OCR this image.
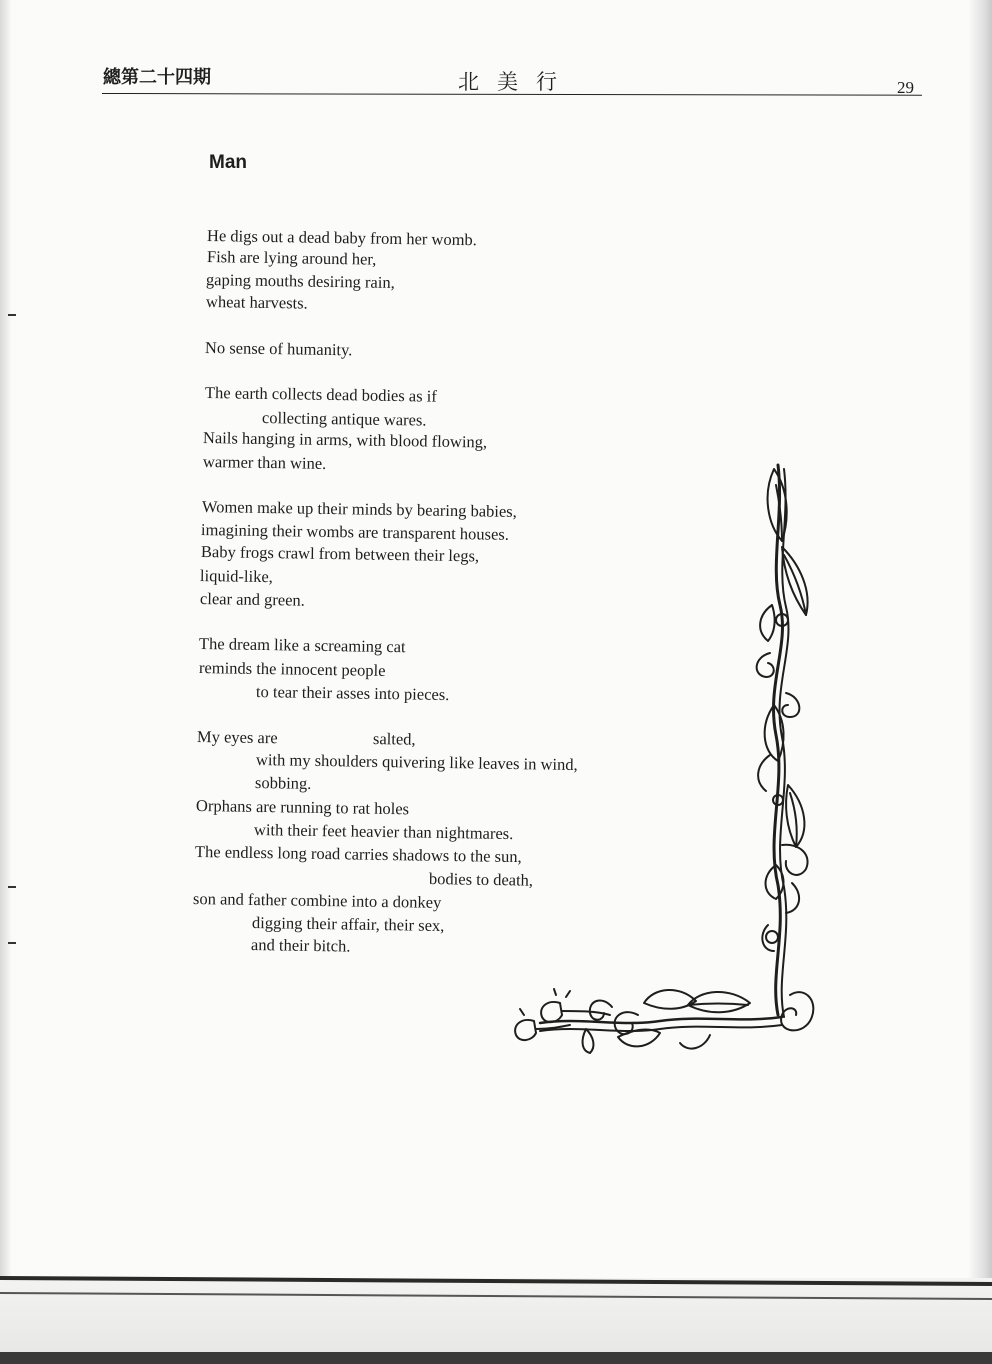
總第二十四期	北美行	29
Man
He digs out a dead baby from her womb.
Fish are lying around her,
gaping mouths desiring rain,
wheat harvests.
No sense of humanity.
The earth collects dead bodies as if
collecting antique wares.
Nails hanging in arms, with blood flowing,
warmer than wine.
Women make up their minds by bearing babies,
imagining their wombs are transparent houses.
Baby frogs crawl from between their legs,
liquid-like,
clear and green.
The dream like a screaming cat
reminds the innocent people
to tear their asses into pieces.
My eyes are	salted,
with my shoulders quivering like leaves in wind,
sobbing.
Orphans are running to rat holes
with their feet heavier than nightmares.
The endless long road carries shadows to the sun,
bodies to death,
son and father combine into a donkey
digging their affair, their sex,
and their bitch.
